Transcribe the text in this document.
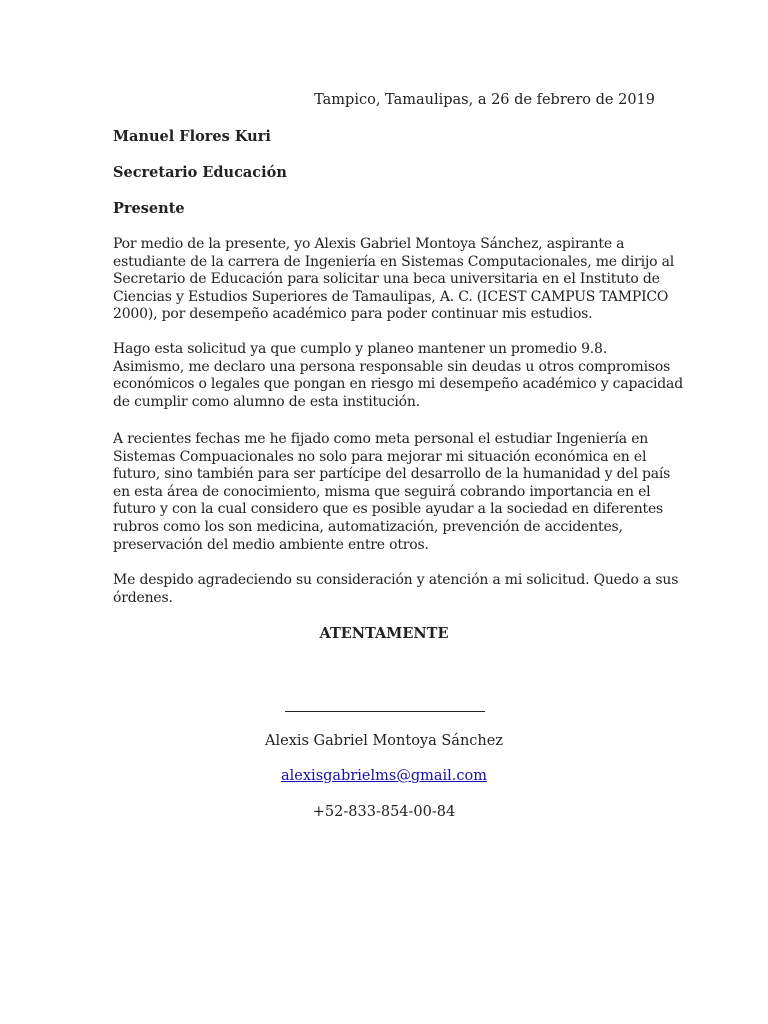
Tampico, Tamaulipas, a 26 de febrero de 2019
Manuel Flores Kuri
Secretario Educación
Presente
Por medio de la presente, yo Alexis Gabriel Montoya Sánchez, aspirante a
estudiante de la carrera de Ingeniería en Sistemas Computacionales, me dirijo al
Secretario de Educación para solicitar una beca universitaria en el Instituto de
Ciencias y Estudios Superiores de Tamaulipas, A. C. (ICEST CAMPUS TAMPICO
2000), por desempeño académico para poder continuar mis estudios.
Hago esta solicitud ya que cumplo y planeo mantener un promedio 9.8.
Asimismo, me declaro una persona responsable sin deudas u otros compromisos
económicos o legales que pongan en riesgo mi desempeño académico y capacidad
de cumplir como alumno de esta institución.
A recientes fechas me he fijado como meta personal el estudiar Ingeniería en
Sistemas Compuacionales no solo para mejorar mi situación económica en el
futuro, sino también para ser partícipe del desarrollo de la humanidad y del país
en esta área de conocimiento, misma que seguirá cobrando importancia en el
futuro y con la cual considero que es posible ayudar a la sociedad en diferentes
rubros como los son medicina, automatización, prevención de accidentes,
preservación del medio ambiente entre otros.
Me despido agradeciendo su consideración y atención a mi solicitud. Quedo a sus
órdenes.
ATENTAMENTE
Alexis Gabriel Montoya Sánchez
alexisgabrielms@gmail.com
+52-833-854-00-84
